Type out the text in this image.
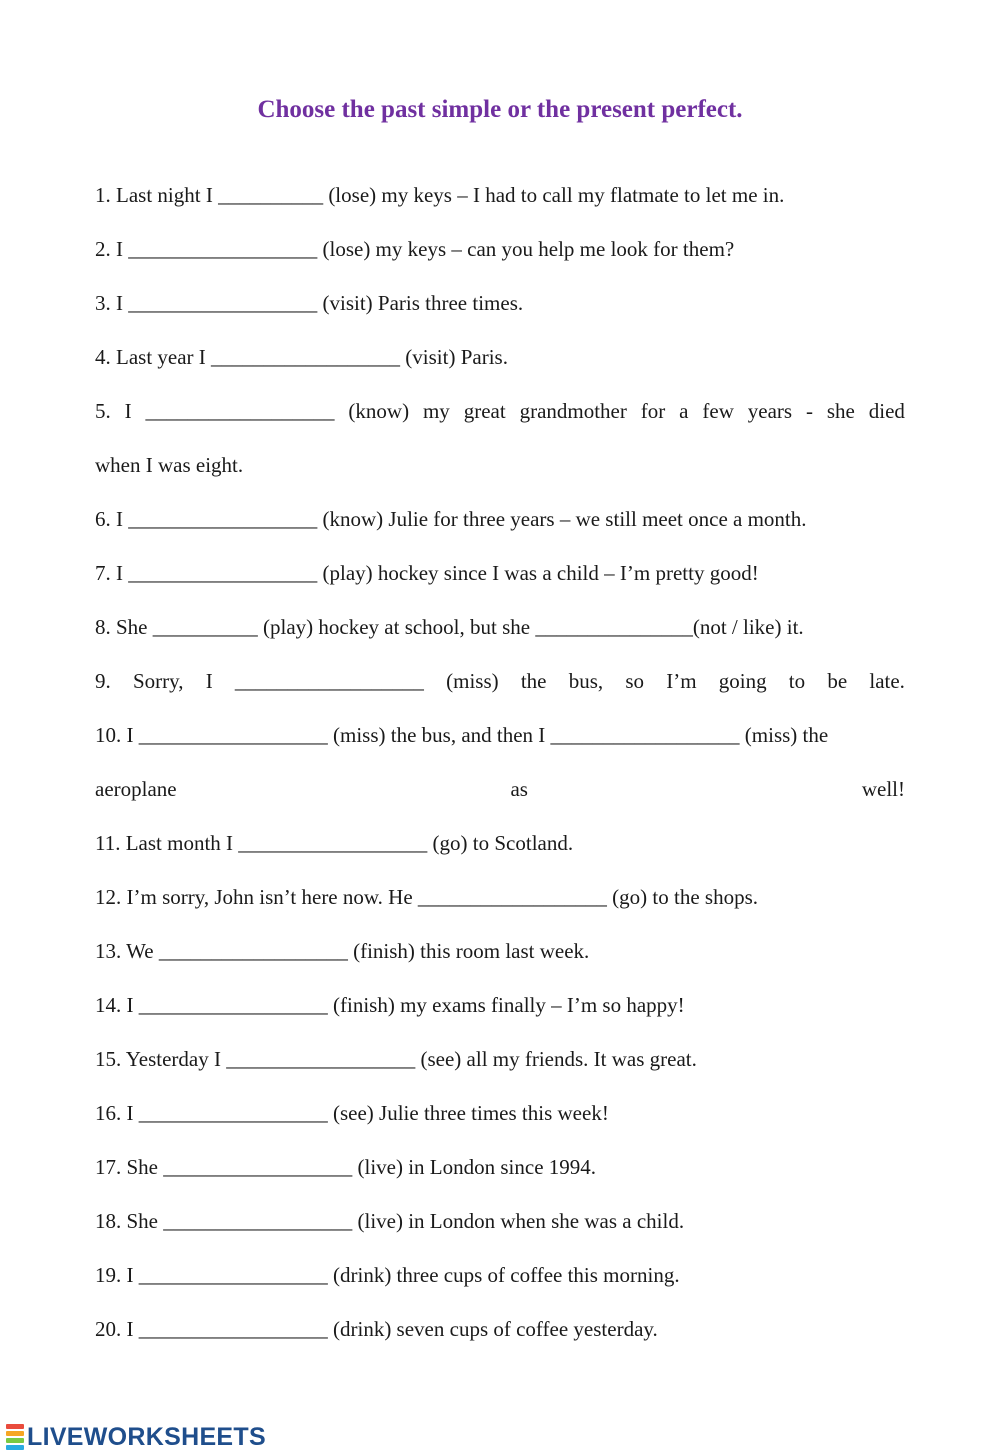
Choose the past simple or the present perfect.
1. Last night I __________ (lose) my keys – I had to call my flatmate to let me in.
2. I __________________ (lose) my keys – can you help me look for them?
3. I __________________ (visit) Paris three times.
4. Last year I __________________ (visit) Paris.
5. I __________________ (know) my great grandmother for a few years - she died
when I was eight.
6. I __________________ (know) Julie for three years – we still meet once a month.
7. I __________________ (play) hockey since I was a child – I’m pretty good!
8. She __________ (play) hockey at school, but she _______________(not / like) it.
9. Sorry, I __________________ (miss) the bus, so I’m going to be late.
10. I __________________ (miss) the bus, and then I __________________ (miss) the
aeroplane	as	well!
11. Last month I __________________ (go) to Scotland.
12. I’m sorry, John isn’t here now. He __________________ (go) to the shops.
13. We __________________ (finish) this room last week.
14. I __________________ (finish) my exams finally – I’m so happy!
15. Yesterday I __________________ (see) all my friends. It was great.
16. I __________________ (see) Julie three times this week!
17. She __________________ (live) in London since 1994.
18. She __________________ (live) in London when she was a child.
19. I __________________ (drink) three cups of coffee this morning.
20. I __________________ (drink) seven cups of coffee yesterday.
LIVEWORKSHEETS
